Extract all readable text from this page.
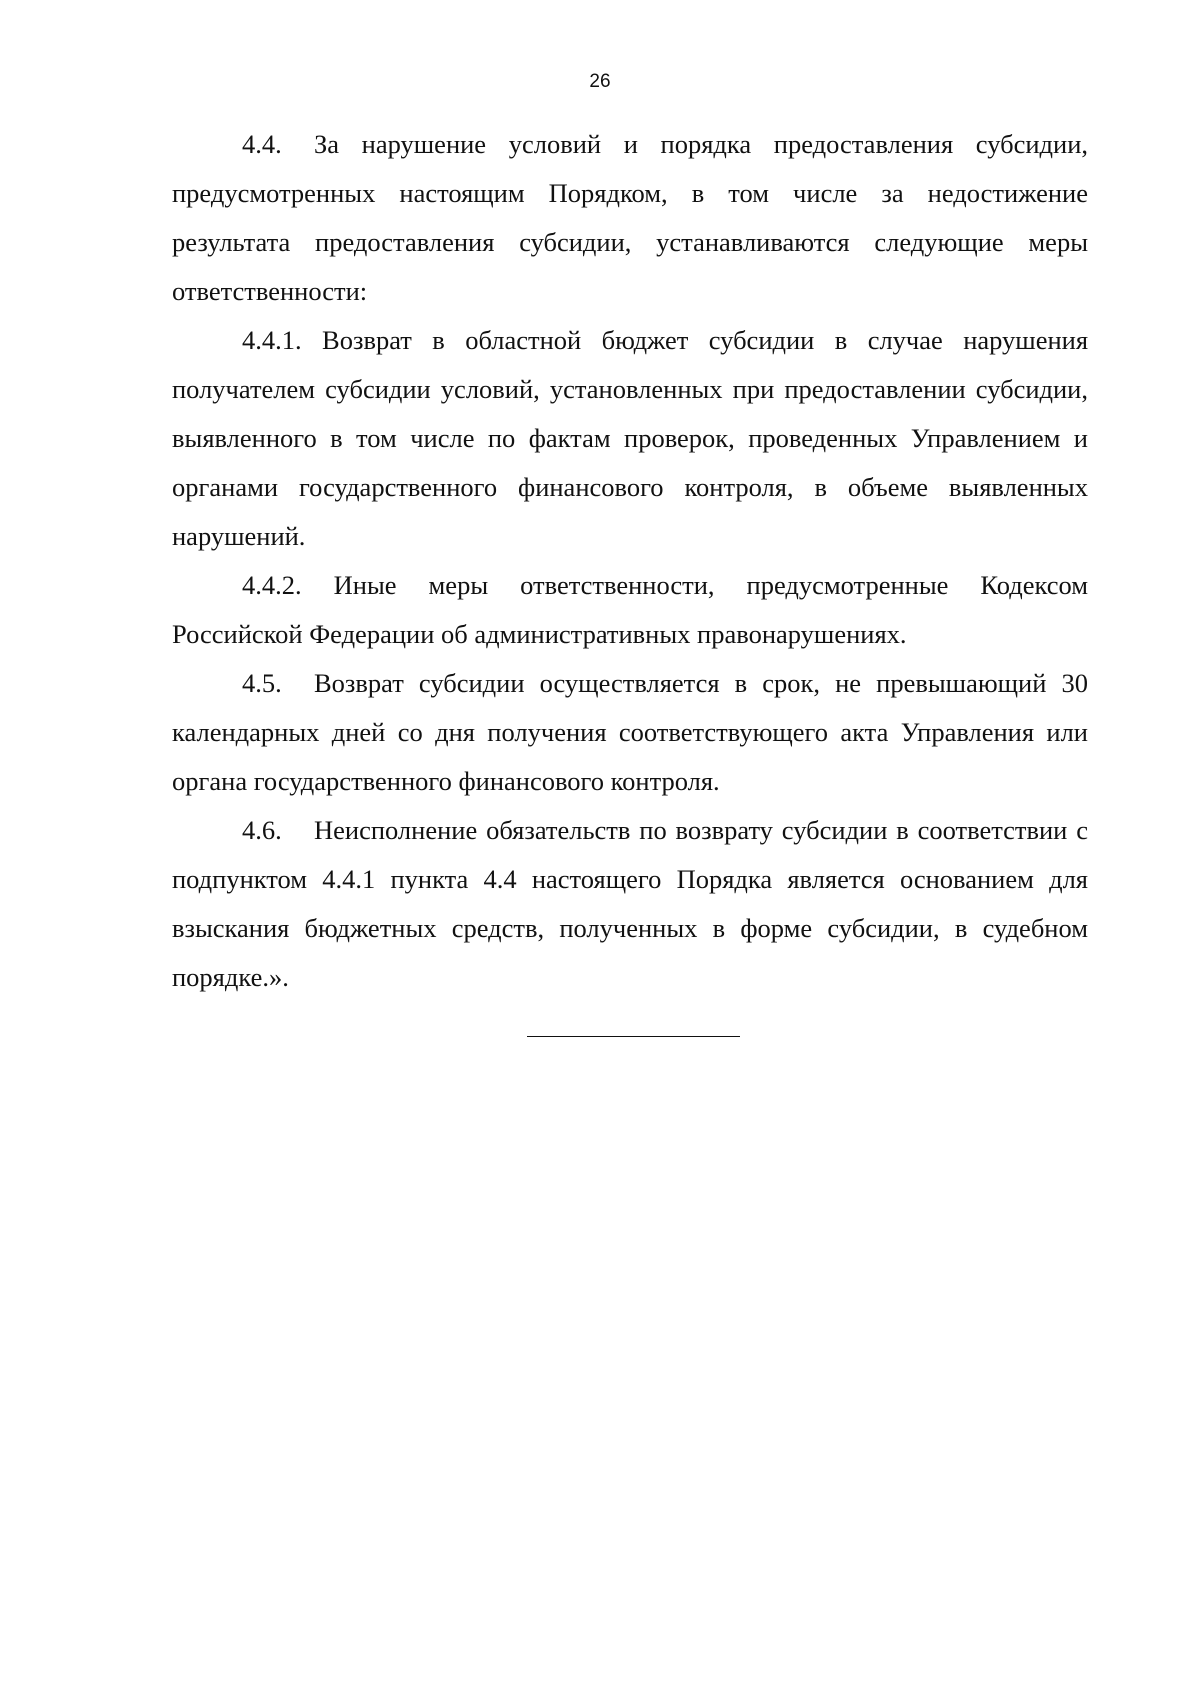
26

4.4. За нарушение условий и порядка предоставления субсидии, предусмотренных настоящим Порядком, в том числе за недостижение результата предоставления субсидии, устанавливаются следующие меры ответственности:

4.4.1. Возврат в областной бюджет субсидии в случае нарушения получателем субсидии условий, установленных при предоставлении субсидии, выявленного в том числе по фактам проверок, проведенных Управлением и органами государственного финансового контроля, в объеме выявленных нарушений.

4.4.2. Иные меры ответственности, предусмотренные Кодексом Российской Федерации об административных правонарушениях.

4.5. Возврат субсидии осуществляется в срок, не превышающий 30 календарных дней со дня получения соответствующего акта Управления или органа государственного финансового контроля.

4.6. Неисполнение обязательств по возврату субсидии в соответствии с подпунктом 4.4.1 пункта 4.4 настоящего Порядка является основанием для взыскания бюджетных средств, полученных в форме субсидии, в судебном порядке.».
